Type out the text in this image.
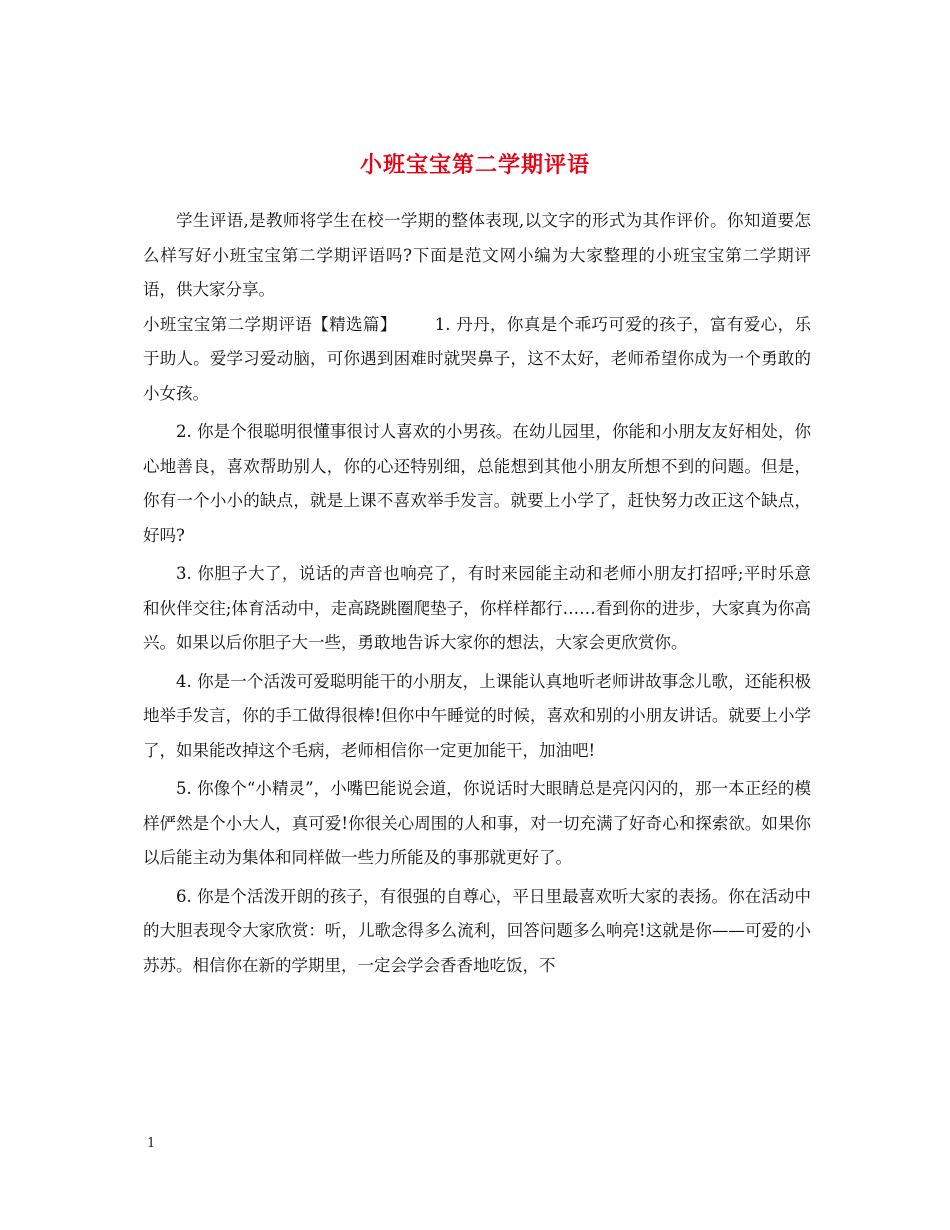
小班宝宝第二学期评语

学生评语,是教师将学生在校一学期的整体表现,以文字的形式为其作评价。你知道要怎么样写好小班宝宝第二学期评语吗?下面是范文网小编为大家整理的小班宝宝第二学期评语，供大家分享。

小班宝宝第二学期评语【精选篇】 1. 丹丹，你真是个乖巧可爱的孩子，富有爱心，乐于助人。爱学习爱动脑，可你遇到困难时就哭鼻子，这不太好，老师希望你成为一个勇敢的小女孩。

2. 你是个很聪明很懂事很讨人喜欢的小男孩。在幼儿园里，你能和小朋友友好相处，你心地善良，喜欢帮助别人，你的心还特别细，总能想到其他小朋友所想不到的问题。但是，你有一个小小的缺点，就是上课不喜欢举手发言。就要上小学了，赶快努力改正这个缺点，好吗?

3. 你胆子大了，说话的声音也响亮了，有时来园能主动和老师小朋友打招呼;平时乐意和伙伴交往;体育活动中，走高跷跳圈爬垫子，你样样都行……看到你的进步，大家真为你高兴。如果以后你胆子大一些，勇敢地告诉大家你的想法，大家会更欣赏你。

4. 你是一个活泼可爱聪明能干的小朋友，上课能认真地听老师讲故事念儿歌，还能积极地举手发言，你的手工做得很棒!但你中午睡觉的时候，喜欢和别的小朋友讲话。就要上小学了，如果能改掉这个毛病，老师相信你一定更加能干，加油吧!

5. 你像个“小精灵”，小嘴巴能说会道，你说话时大眼睛总是亮闪闪的，那一本正经的模样俨然是个小大人，真可爱!你很关心周围的人和事，对一切充满了好奇心和探索欲。如果你以后能主动为集体和同样做一些力所能及的事那就更好了。

6. 你是个活泼开朗的孩子，有很强的自尊心，平日里最喜欢听大家的表扬。你在活动中的大胆表现令大家欣赏：听，儿歌念得多么流利，回答问题多么响亮!这就是你——可爱的小苏苏。相信你在新的学期里，一定会学会香香地吃饭，不

1
